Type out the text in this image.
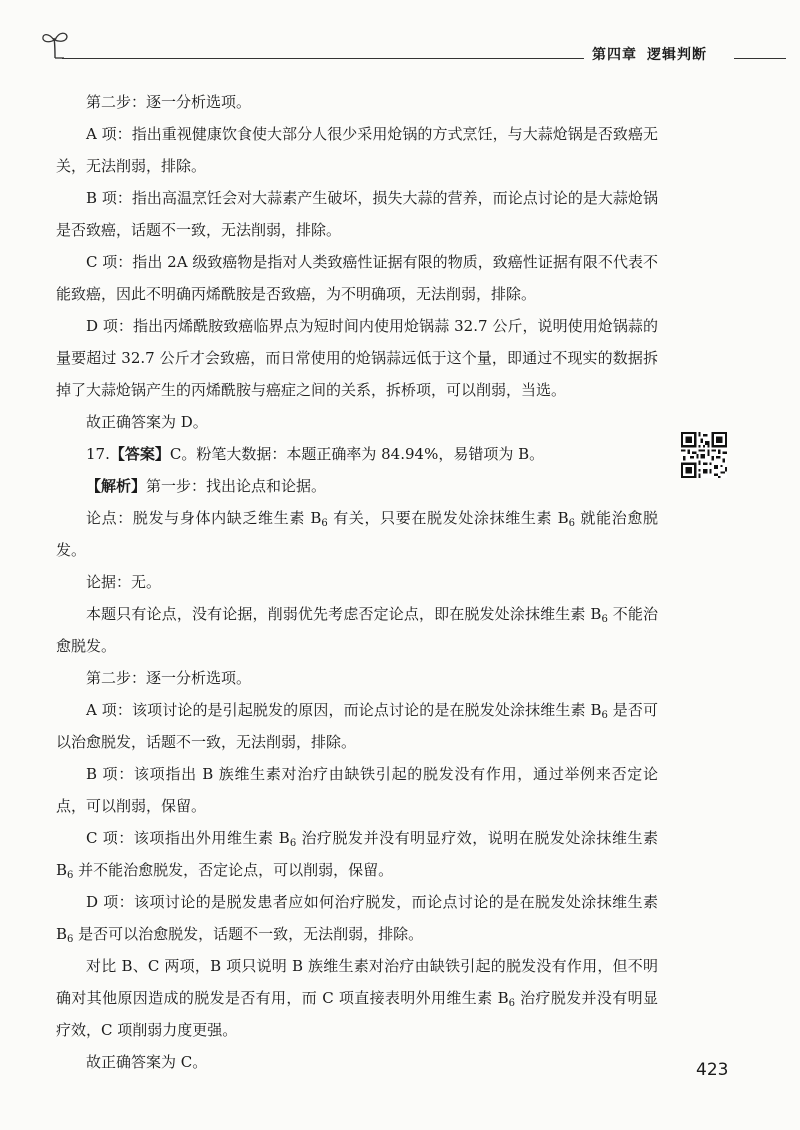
第四章 逻辑判断

第二步：逐一分析选项。

A 项：指出重视健康饮食使大部分人很少采用炝锅的方式烹饪，与大蒜炝锅是否致癌无关，无法削弱，排除。

B 项：指出高温烹饪会对大蒜素产生破坏，损失大蒜的营养，而论点讨论的是大蒜炝锅是否致癌，话题不一致，无法削弱，排除。

C 项：指出 2A 级致癌物是指对人类致癌性证据有限的物质，致癌性证据有限不代表不能致癌，因此不明确丙烯酰胺是否致癌，为不明确项，无法削弱，排除。

D 项：指出丙烯酰胺致癌临界点为短时间内使用炝锅蒜 32.7 公斤，说明使用炝锅蒜的量要超过 32.7 公斤才会致癌，而日常使用的炝锅蒜远低于这个量，即通过不现实的数据拆掉了大蒜炝锅产生的丙烯酰胺与癌症之间的关系，拆桥项，可以削弱，当选。

故正确答案为 D。

17.【答案】C。粉笔大数据：本题正确率为 84.94%，易错项为 B。

【解析】第一步：找出论点和论据。

论点：脱发与身体内缺乏维生素 $B_6$ 有关，只要在脱发处涂抹维生素 $B_6$ 就能治愈脱发。

论据：无。

本题只有论点，没有论据，削弱优先考虑否定论点，即在脱发处涂抹维生素 $B_6$ 不能治愈脱发。

第二步：逐一分析选项。

A 项：该项讨论的是引起脱发的原因，而论点讨论的是在脱发处涂抹维生素 $B_6$ 是否可以治愈脱发，话题不一致，无法削弱，排除。

B 项：该项指出 B 族维生素对治疗由缺铁引起的脱发没有作用，通过举例来否定论点，可以削弱，保留。

C 项：该项指出外用维生素 $B_6$ 治疗脱发并没有明显疗效，说明在脱发处涂抹维生素 $B_6$ 并不能治愈脱发，否定论点，可以削弱，保留。

D 项：该项讨论的是脱发患者应如何治疗脱发，而论点讨论的是在脱发处涂抹维生素 $B_6$ 是否可以治愈脱发，话题不一致，无法削弱，排除。

对比 B、C 两项，B 项只说明 B 族维生素对治疗由缺铁引起的脱发没有作用，但不明确对其他原因造成的脱发是否有用，而 C 项直接表明外用维生素 $B_6$ 治疗脱发并没有明显疗效，C 项削弱力度更强。

故正确答案为 C。	423
